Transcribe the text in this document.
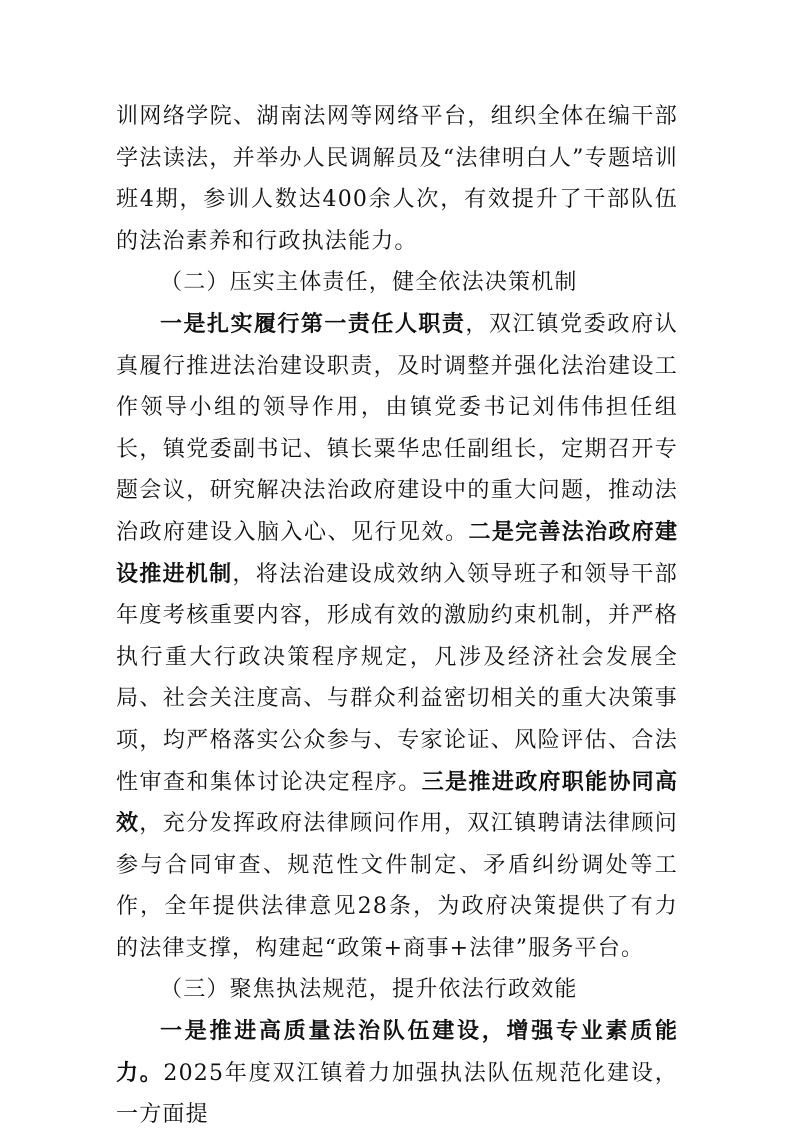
训网络学院、湖南法网等网络平台，组织全体在编干部学法读法，并举办人民调解员及“法律明白人”专题培训班4期，参训人数达400余人次，有效提升了干部队伍的法治素养和行政执法能力。

（二）压实主体责任，健全依法决策机制

一是扎实履行第一责任人职责，双江镇党委政府认真履行推进法治建设职责，及时调整并强化法治建设工作领导小组的领导作用，由镇党委书记刘伟伟担任组长，镇党委副书记、镇长粟华忠任副组长，定期召开专题会议，研究解决法治政府建设中的重大问题，推动法治政府建设入脑入心、见行见效。二是完善法治政府建设推进机制，将法治建设成效纳入领导班子和领导干部年度考核重要内容，形成有效的激励约束机制，并严格执行重大行政决策程序规定，凡涉及经济社会发展全局、社会关注度高、与群众利益密切相关的重大决策事项，均严格落实公众参与、专家论证、风险评估、合法性审查和集体讨论决定程序。三是推进政府职能协同高效，充分发挥政府法律顾问作用，双江镇聘请法律顾问参与合同审查、规范性文件制定、矛盾纠纷调处等工作，全年提供法律意见28条，为政府决策提供了有力的法律支撑，构建起“政策+商事+法律”服务平台。

（三）聚焦执法规范，提升依法行政效能

一是推进高质量法治队伍建设，增强专业素质能力。2025年度双江镇着力加强执法队伍规范化建设，一方面提
